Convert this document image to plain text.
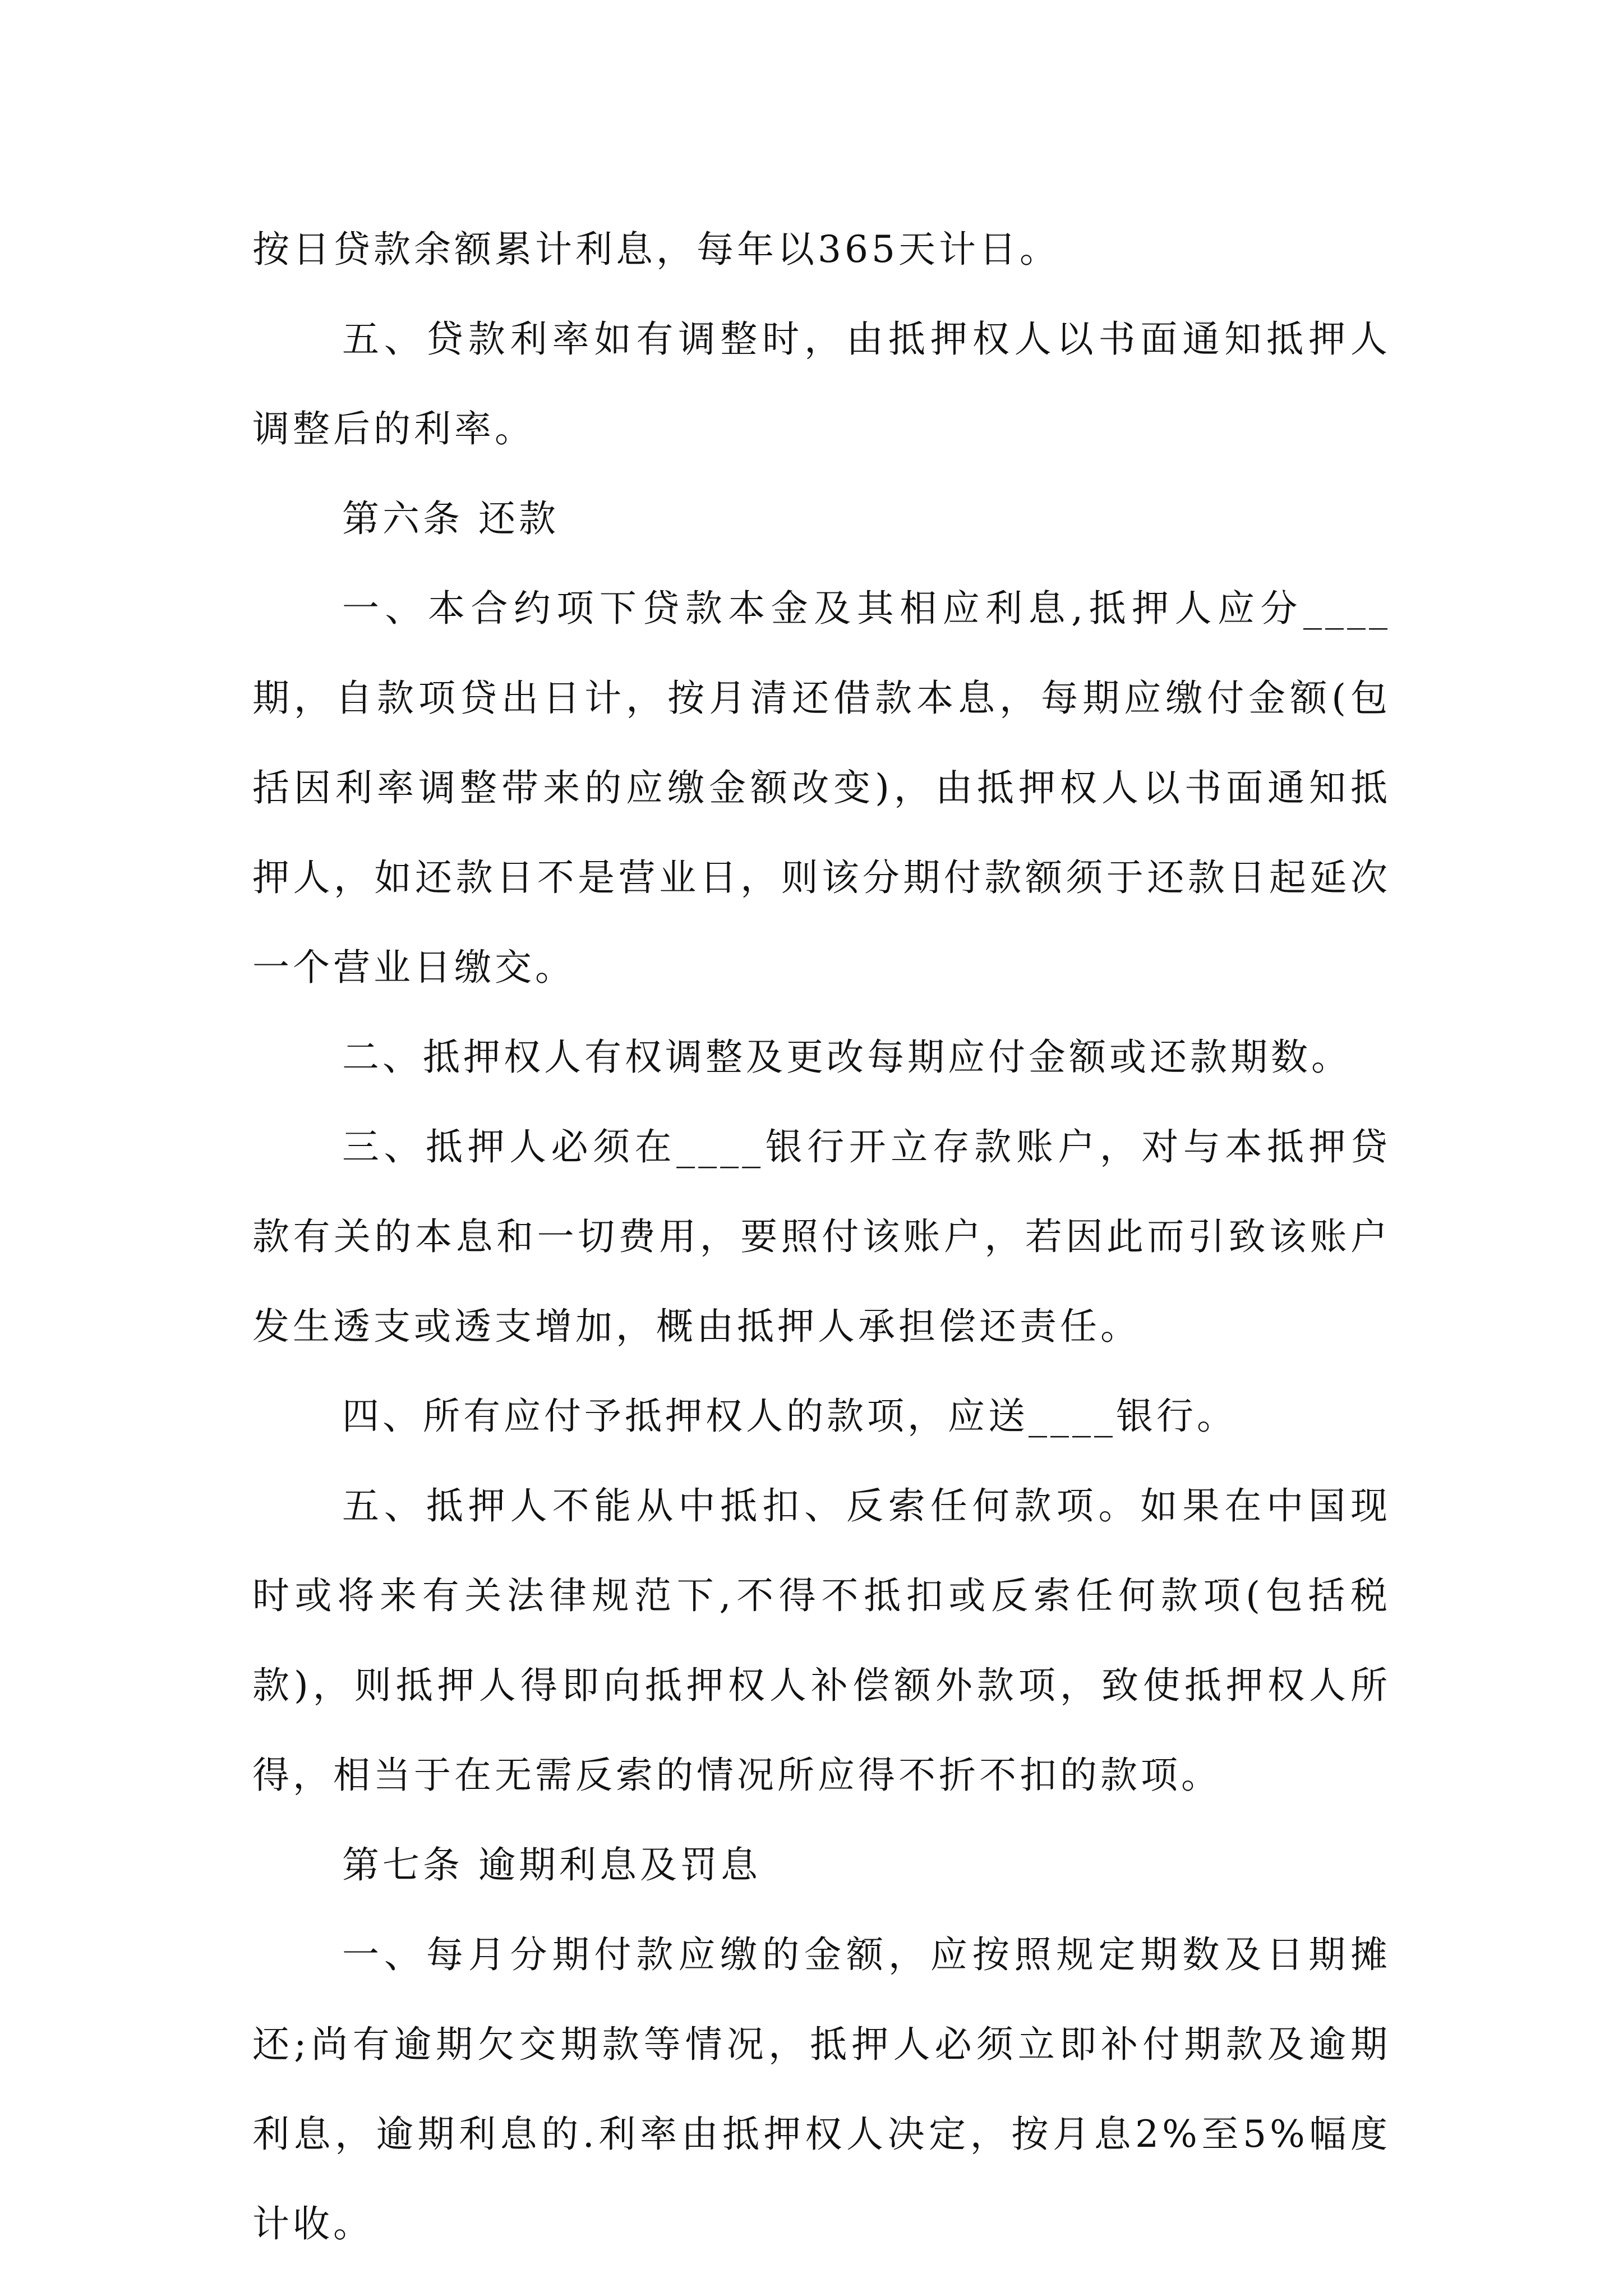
按日贷款余额累计利息，每年以365天计日。

五、贷款利率如有调整时，由抵押权人以书面通知抵押人调整后的利率。

第六条 还款

一、本合约项下贷款本金及其相应利息,抵押人应分____期，自款项贷出日计，按月清还借款本息，每期应缴付金额(包括因利率调整带来的应缴金额改变)，由抵押权人以书面通知抵押人，如还款日不是营业日，则该分期付款额须于还款日起延次一个营业日缴交。

二、抵押权人有权调整及更改每期应付金额或还款期数。

三、抵押人必须在____银行开立存款账户，对与本抵押贷款有关的本息和一切费用，要照付该账户，若因此而引致该账户发生透支或透支增加，概由抵押人承担偿还责任。

四、所有应付予抵押权人的款项，应送____银行。

五、抵押人不能从中抵扣、反索任何款项。如果在中国现时或将来有关法律规范下,不得不抵扣或反索任何款项(包括税款)，则抵押人得即向抵押权人补偿额外款项，致使抵押权人所得，相当于在无需反索的情况所应得不折不扣的款项。

第七条 逾期利息及罚息

一、每月分期付款应缴的金额，应按照规定期数及日期摊还;尚有逾期欠交期款等情况，抵押人必须立即补付期款及逾期利息，逾期利息的.利率由抵押权人决定，按月息2%至5%幅度计收。
